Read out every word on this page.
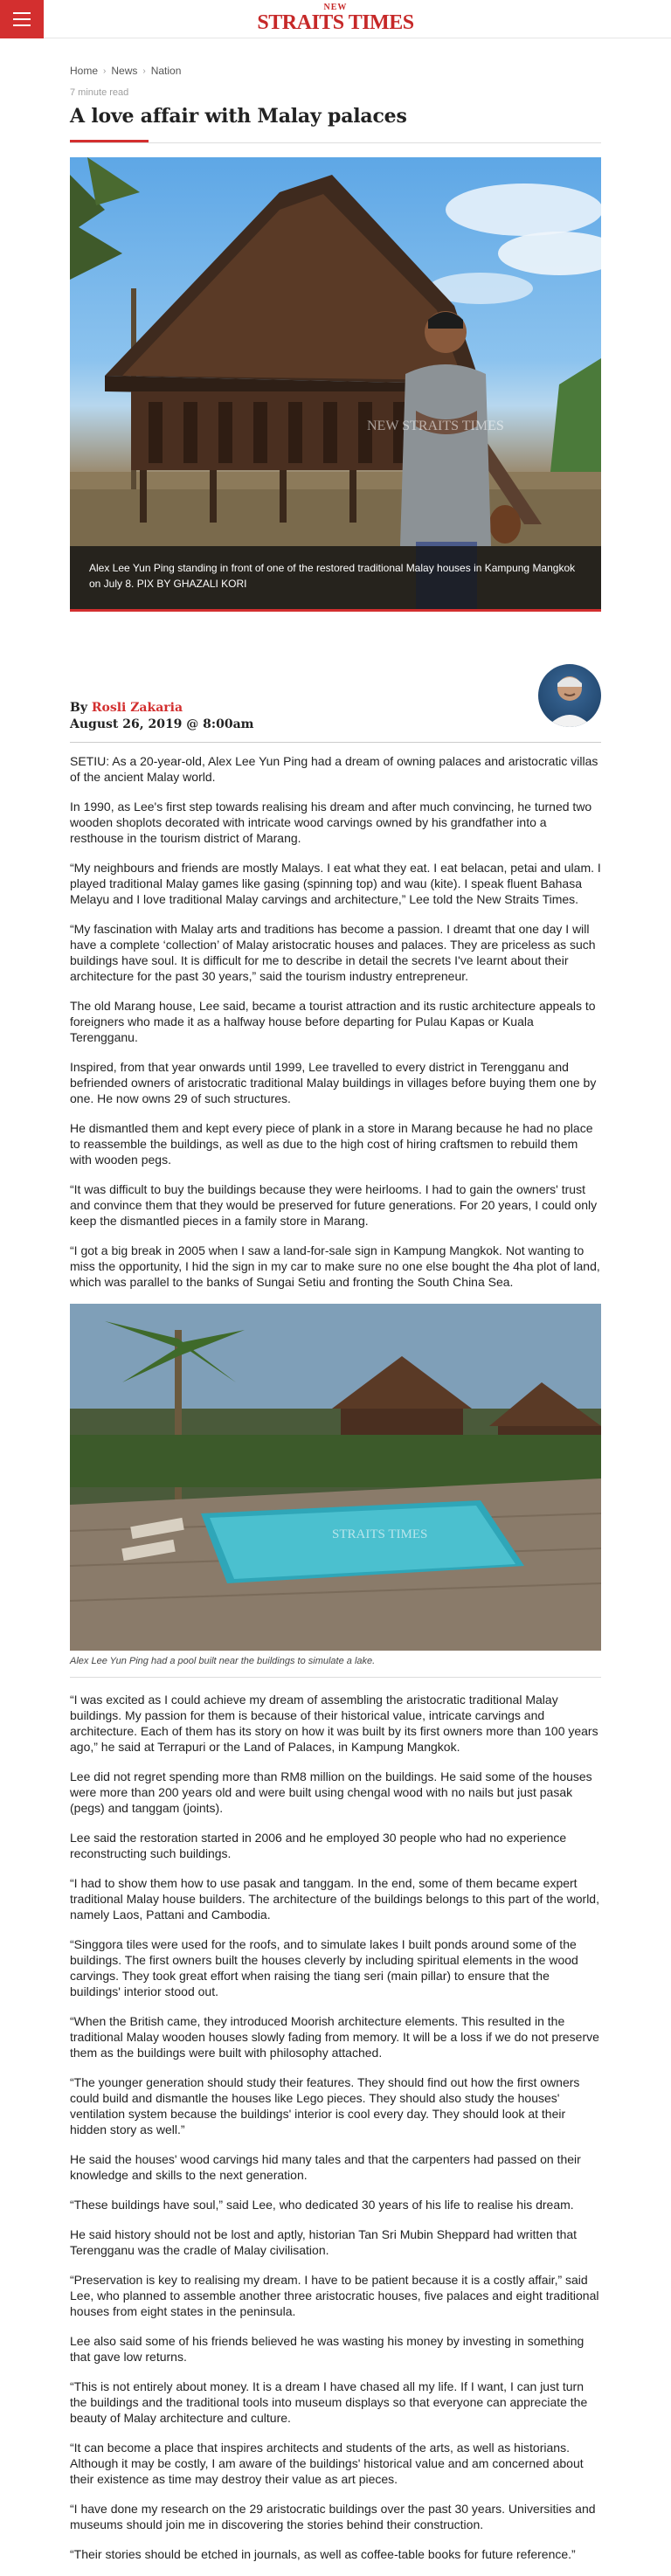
NEW
STRAITS TIMES
Home › News › Nation
7 minute read
A love affair with Malay palaces
NEW STRAITS TIMES
Alex Lee Yun Ping standing in front of one of the restored traditional Malay houses in Kampung Mangkok on July 8. PIX BY GHAZALI KORI
By Rosli Zakaria
August 26, 2019 @ 8:00am

SETIU: As a 20-year-old, Alex Lee Yun Ping had a dream of owning palaces and aristocratic villas of the ancient Malay world.

In 1990, as Lee's first step towards realising his dream and after much convincing, he turned two wooden shoplots decorated with intricate wood carvings owned by his grandfather into a resthouse in the tourism district of Marang.

“My neighbours and friends are mostly Malays. I eat what they eat. I eat belacan, petai and ulam. I played traditional Malay games like gasing (spinning top) and wau (kite). I speak fluent Bahasa Melayu and I love traditional Malay carvings and architecture,” Lee told the New Straits Times.

“My fascination with Malay arts and traditions has become a passion. I dreamt that one day I will have a complete ‘collection’ of Malay aristocratic houses and palaces. They are priceless as such buildings have soul. It is difficult for me to describe in detail the secrets I've learnt about their architecture for the past 30 years,” said the tourism industry entrepreneur.

The old Marang house, Lee said, became a tourist attraction and its rustic architecture appeals to foreigners who made it as a halfway house before departing for Pulau Kapas or Kuala Terengganu.

Inspired, from that year onwards until 1999, Lee travelled to every district in Terengganu and befriended owners of aristocratic traditional Malay buildings in villages before buying them one by one. He now owns 29 of such structures.

He dismantled them and kept every piece of plank in a store in Marang because he had no place to reassemble the buildings, as well as due to the high cost of hiring craftsmen to rebuild them with wooden pegs.

“It was difficult to buy the buildings because they were heirlooms. I had to gain the owners' trust and convince them that they would be preserved for future generations. For 20 years, I could only keep the dismantled pieces in a family store in Marang.

“I got a big break in 2005 when I saw a land-for-sale sign in Kampung Mangkok. Not wanting to miss the opportunity, I hid the sign in my car to make sure no one else bought the 4ha plot of land, which was parallel to the banks of Sungai Setiu and fronting the South China Sea.

STRAITS TIMES
Alex Lee Yun Ping had a pool built near the buildings to simulate a lake.

“I was excited as I could achieve my dream of assembling the aristocratic traditional Malay buildings. My passion for them is because of their historical value, intricate carvings and architecture. Each of them has its story on how it was built by its first owners more than 100 years ago,” he said at Terrapuri or the Land of Palaces, in Kampung Mangkok.

Lee did not regret spending more than RM8 million on the buildings. He said some of the houses were more than 200 years old and were built using chengal wood with no nails but just pasak (pegs) and tanggam (joints).

Lee said the restoration started in 2006 and he employed 30 people who had no experience reconstructing such buildings.

“I had to show them how to use pasak and tanggam. In the end, some of them became expert traditional Malay house builders. The architecture of the buildings belongs to this part of the world, namely Laos, Pattani and Cambodia.

“Singgora tiles were used for the roofs, and to simulate lakes I built ponds around some of the buildings. The first owners built the houses cleverly by including spiritual elements in the wood carvings. They took great effort when raising the tiang seri (main pillar) to ensure that the buildings' interior stood out.

“When the British came, they introduced Moorish architecture elements. This resulted in the traditional Malay wooden houses slowly fading from memory. It will be a loss if we do not preserve them as the buildings were built with philosophy attached.

“The younger generation should study their features. They should find out how the first owners could build and dismantle the houses like Lego pieces. They should also study the houses' ventilation system because the buildings' interior is cool every day. They should look at their hidden story as well.”

He said the houses' wood carvings hid many tales and that the carpenters had passed on their knowledge and skills to the next generation.

“These buildings have soul,” said Lee, who dedicated 30 years of his life to realise his dream.

He said history should not be lost and aptly, historian Tan Sri Mubin Sheppard had written that Terengganu was the cradle of Malay civilisation.

“Preservation is key to realising my dream. I have to be patient because it is a costly affair,” said Lee, who planned to assemble another three aristocratic houses, five palaces and eight traditional houses from eight states in the peninsula.

Lee also said some of his friends believed he was wasting his money by investing in something that gave low returns.

“This is not entirely about money. It is a dream I have chased all my life. If I want, I can just turn the buildings and the traditional tools into museum displays so that everyone can appreciate the beauty of Malay architecture and culture.

“It can become a place that inspires architects and students of the arts, as well as historians. Although it may be costly, I am aware of the buildings' historical value and am concerned about their existence as time may destroy their value as art pieces.

“I have done my research on the 29 aristocratic buildings over the past 30 years. Universities and museums should join me in discovering the stories behind their construction.

“Their stories should be etched in journals, as well as coffee-table books for future reference.”
